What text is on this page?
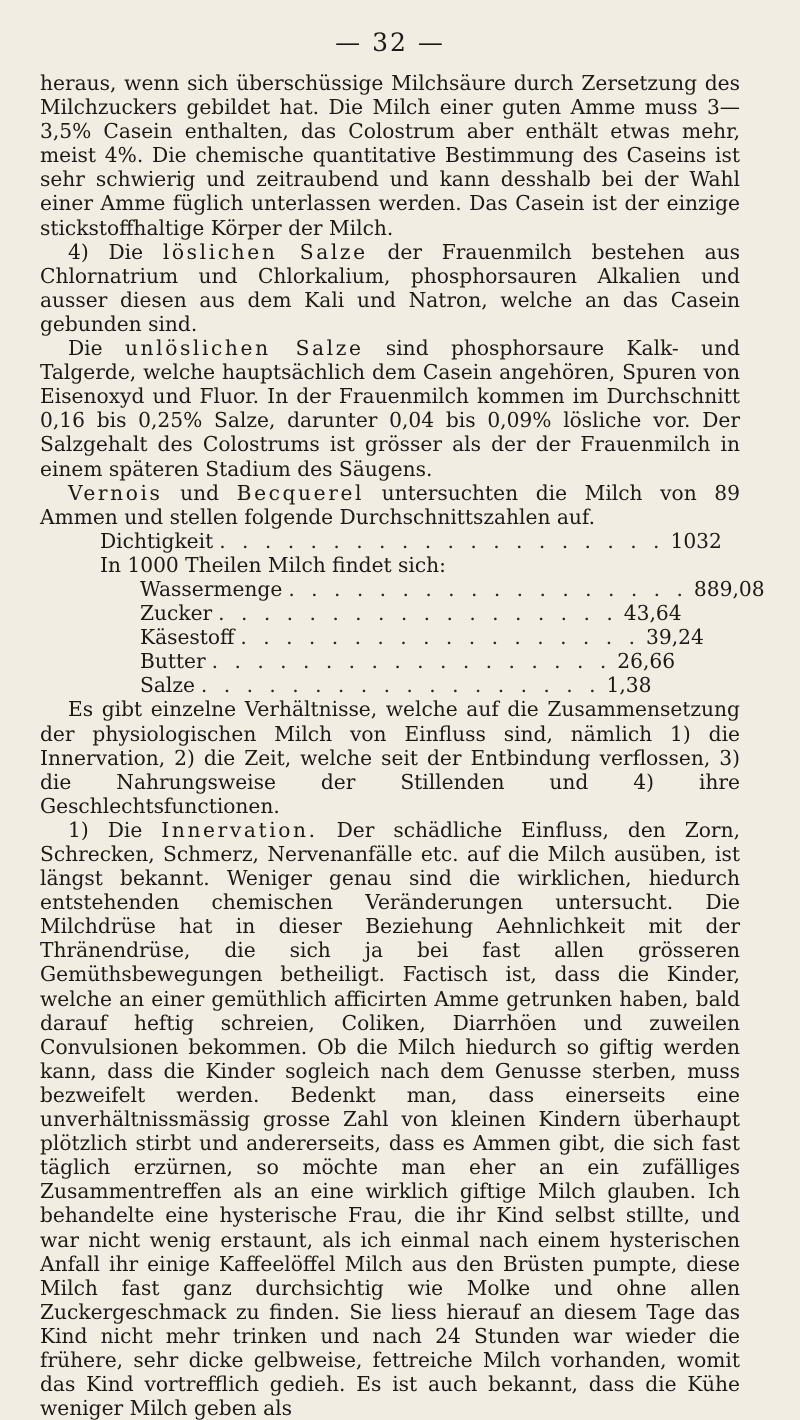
— 32 —

heraus, wenn sich überschüssige Milchsäure durch Zersetzung des Milchzuckers gebildet hat. Die Milch einer guten Amme muss 3—3,5% Casein enthalten, das Colostrum aber enthält etwas mehr, meist 4%. Die chemische quantitative Bestimmung des Caseins ist sehr schwierig und zeitraubend und kann desshalb bei der Wahl einer Amme füglich unterlassen werden. Das Casein ist der einzige stickstoffhaltige Körper der Milch.

4) Die löslichen Salze der Frauenmilch bestehen aus Chlornatrium und Chlorkalium, phosphorsauren Alkalien und ausser diesen aus dem Kali und Natron, welche an das Casein gebunden sind.

Die unlöslichen Salze sind phosphorsaure Kalk- und Talgerde, welche hauptsächlich dem Casein angehören, Spuren von Eisenoxyd und Fluor. In der Frauenmilch kommen im Durchschnitt 0,16 bis 0,25% Salze, darunter 0,04 bis 0,09% lösliche vor. Der Salzgehalt des Colostrums ist grösser als der der Frauenmilch in einem späteren Stadium des Säugens.

Vernois und Becquerel untersuchten die Milch von 89 Ammen und stellen folgende Durchschnittszahlen auf.

Dichtigkeit . . . . . . . . . . . . . . . . . . . . 1032
In 1000 Theilen Milch findet sich:
Wassermenge . . . . . . . . . . . . . . . . . . 889,08
Zucker . . . . . . . . . . . . . . . . . . 43,64
Käsestoff . . . . . . . . . . . . . . . . . . 39,24
Butter . . . . . . . . . . . . . . . . . . 26,66
Salze . . . . . . . . . . . . . . . . . . 1,38

Es gibt einzelne Verhältnisse, welche auf die Zusammensetzung der physiologischen Milch von Einfluss sind, nämlich 1) die Innervation, 2) die Zeit, welche seit der Entbindung verflossen, 3) die Nahrungsweise der Stillenden und 4) ihre Geschlechtsfunctionen.

1) Die Innervation. Der schädliche Einfluss, den Zorn, Schrecken, Schmerz, Nervenanfälle etc. auf die Milch ausüben, ist längst bekannt. Weniger genau sind die wirklichen, hiedurch entstehenden chemischen Veränderungen untersucht. Die Milchdrüse hat in dieser Beziehung Aehnlichkeit mit der Thränendrüse, die sich ja bei fast allen grösseren Gemüthsbewegungen betheiligt. Factisch ist, dass die Kinder, welche an einer gemüthlich afficirten Amme getrunken haben, bald darauf heftig schreien, Coliken, Diarrhöen und zuweilen Convulsionen bekommen. Ob die Milch hiedurch so giftig werden kann, dass die Kinder sogleich nach dem Genusse sterben, muss bezweifelt werden. Bedenkt man, dass einerseits eine unverhältnissmässig grosse Zahl von kleinen Kindern überhaupt plötzlich stirbt und andererseits, dass es Ammen gibt, die sich fast täglich erzürnen, so möchte man eher an ein zufälliges Zusammentreffen als an eine wirklich giftige Milch glauben. Ich behandelte eine hysterische Frau, die ihr Kind selbst stillte, und war nicht wenig erstaunt, als ich einmal nach einem hysterischen Anfall ihr einige Kaffeelöffel Milch aus den Brüsten pumpte, diese Milch fast ganz durchsichtig wie Molke und ohne allen Zuckergeschmack zu finden. Sie liess hierauf an diesem Tage das Kind nicht mehr trinken und nach 24 Stunden war wieder die frühere, sehr dicke gelbweise, fettreiche Milch vorhanden, womit das Kind vortrefflich gedieh. Es ist auch bekannt, dass die Kühe weniger Milch geben als
